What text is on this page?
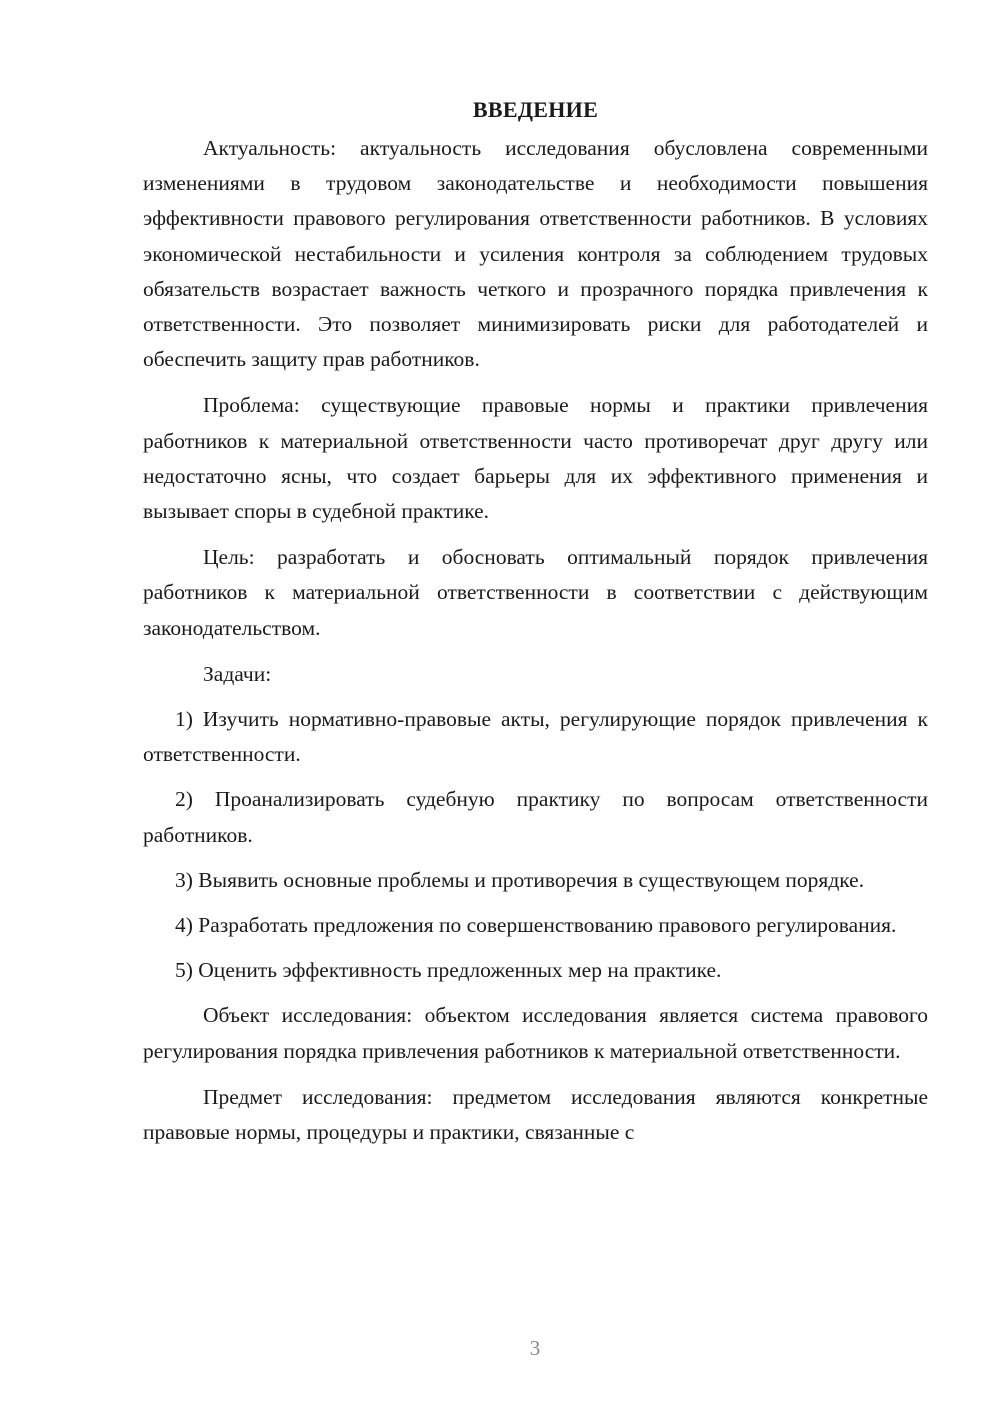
ВВЕДЕНИЕ

Актуальность: актуальность исследования обусловлена современными изменениями в трудовом законодательстве и необходимости повышения эффективности правового регулирования ответственности работников. В условиях экономической нестабильности и усиления контроля за соблюдением трудовых обязательств возрастает важность четкого и прозрачного порядка привлечения к ответственности. Это позволяет минимизировать риски для работодателей и обеспечить защиту прав работников.

Проблема: существующие правовые нормы и практики привлечения работников к материальной ответственности часто противоречат друг другу или недостаточно ясны, что создает барьеры для их эффективного применения и вызывает споры в судебной практике.

Цель: разработать и обосновать оптимальный порядок привлечения работников к материальной ответственности в соответствии с действующим законодательством.

Задачи:

1) Изучить нормативно-правовые акты, регулирующие порядок привлечения к ответственности.

2) Проанализировать судебную практику по вопросам ответственности работников.

3) Выявить основные проблемы и противоречия в существующем порядке.

4) Разработать предложения по совершенствованию правового регулирования.

5) Оценить эффективность предложенных мер на практике.

Объект исследования: объектом исследования является система правового регулирования порядка привлечения работников к материальной ответственности.

Предмет исследования: предметом исследования являются конкретные правовые нормы, процедуры и практики, связанные с

3
